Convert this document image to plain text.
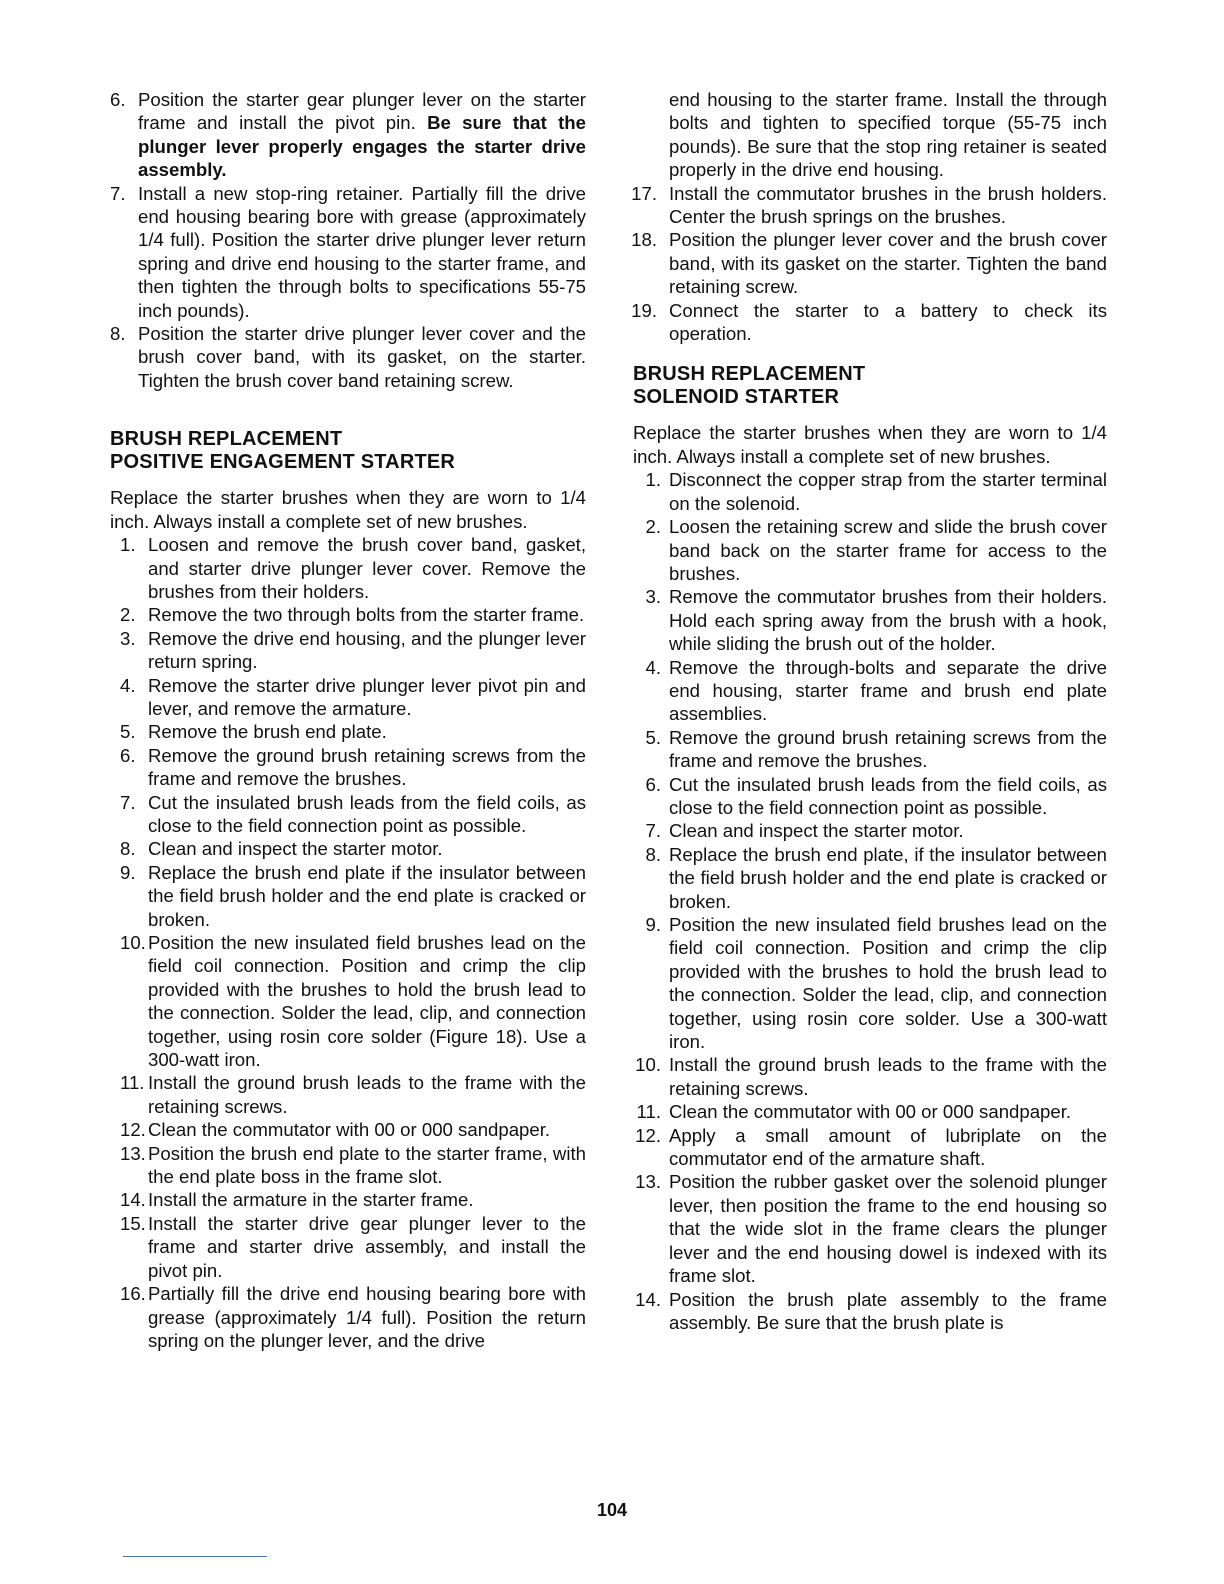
6. Position the starter gear plunger lever on the starter frame and install the pivot pin. Be sure that the plunger lever properly engages the starter drive assembly.
7. Install a new stop-ring retainer. Partially fill the drive end housing bearing bore with grease (approximately 1/4 full). Position the starter drive plunger lever return spring and drive end housing to the starter frame, and then tighten the through bolts to specifications 55-75 inch pounds).
8. Position the starter drive plunger lever cover and the brush cover band, with its gasket, on the starter. Tighten the brush cover band retaining screw.
BRUSH REPLACEMENT
POSITIVE ENGAGEMENT STARTER
Replace the starter brushes when they are worn to 1/4 inch. Always install a complete set of new brushes.
1. Loosen and remove the brush cover band, gasket, and starter drive plunger lever cover. Remove the brushes from their holders.
2. Remove the two through bolts from the starter frame.
3. Remove the drive end housing, and the plunger lever return spring.
4. Remove the starter drive plunger lever pivot pin and lever, and remove the armature.
5. Remove the brush end plate.
6. Remove the ground brush retaining screws from the frame and remove the brushes.
7. Cut the insulated brush leads from the field coils, as close to the field connection point as possible.
8. Clean and inspect the starter motor.
9. Replace the brush end plate if the insulator between the field brush holder and the end plate is cracked or broken.
10. Position the new insulated field brushes lead on the field coil connection. Position and crimp the clip provided with the brushes to hold the brush lead to the connection. Solder the lead, clip, and connection together, using rosin core solder (Figure 18). Use a 300-watt iron.
11. Install the ground brush leads to the frame with the retaining screws.
12. Clean the commutator with 00 or 000 sandpaper.
13. Position the brush end plate to the starter frame, with the end plate boss in the frame slot.
14. Install the armature in the starter frame.
15. Install the starter drive gear plunger lever to the frame and starter drive assembly, and install the pivot pin.
16. Partially fill the drive end housing bearing bore with grease (approximately 1/4 full). Position the return spring on the plunger lever, and the drive
end housing to the starter frame. Install the through bolts and tighten to specified torque (55-75 inch pounds). Be sure that the stop ring retainer is seated properly in the drive end housing.
17. Install the commutator brushes in the brush holders. Center the brush springs on the brushes.
18. Position the plunger lever cover and the brush cover band, with its gasket on the starter. Tighten the band retaining screw.
19. Connect the starter to a battery to check its operation.
BRUSH REPLACEMENT
SOLENOID STARTER
Replace the starter brushes when they are worn to 1/4 inch. Always install a complete set of new brushes.
1. Disconnect the copper strap from the starter terminal on the solenoid.
2. Loosen the retaining screw and slide the brush cover band back on the starter frame for access to the brushes.
3. Remove the commutator brushes from their holders. Hold each spring away from the brush with a hook, while sliding the brush out of the holder.
4. Remove the through-bolts and separate the drive end housing, starter frame and brush end plate assemblies.
5. Remove the ground brush retaining screws from the frame and remove the brushes.
6. Cut the insulated brush leads from the field coils, as close to the field connection point as possible.
7. Clean and inspect the starter motor.
8. Replace the brush end plate, if the insulator between the field brush holder and the end plate is cracked or broken.
9. Position the new insulated field brushes lead on the field coil connection. Position and crimp the clip provided with the brushes to hold the brush lead to the connection. Solder the lead, clip, and connection together, using rosin core solder. Use a 300-watt iron.
10. Install the ground brush leads to the frame with the retaining screws.
11. Clean the commutator with 00 or 000 sandpaper.
12. Apply a small amount of lubriplate on the commutator end of the armature shaft.
13. Position the rubber gasket over the solenoid plunger lever, then position the frame to the end housing so that the wide slot in the frame clears the plunger lever and the end housing dowel is indexed with its frame slot.
14. Position the brush plate assembly to the frame assembly. Be sure that the brush plate is
104
